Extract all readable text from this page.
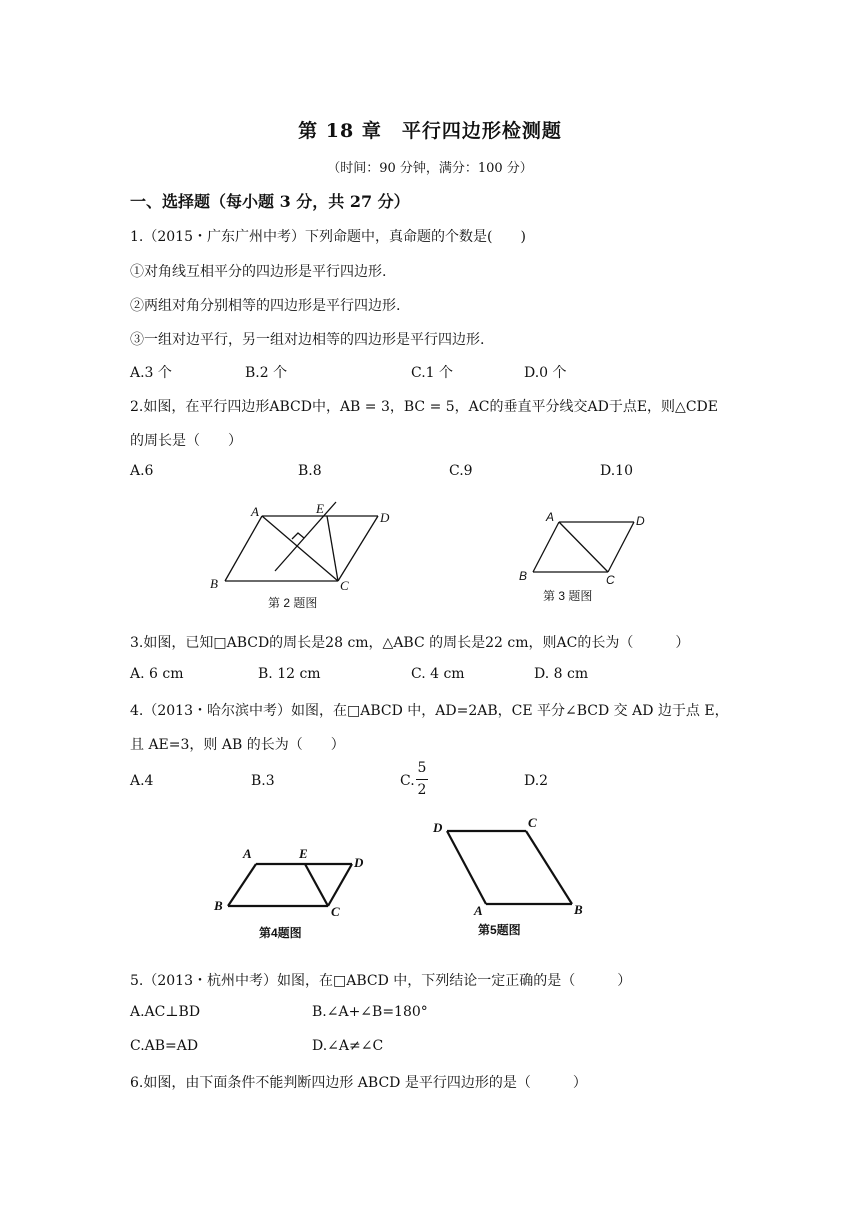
第 18 章　平行四边形检测题
（时间：90 分钟，满分：100 分）
一、选择题（每小题 3 分，共 27 分）
1.（2015・广东广州中考）下列命题中，真命题的个数是(　　)
①对角线互相平分的四边形是平行四边形.
②两组对角分别相等的四边形是平行四边形.
③一组对边平行，另一组对边相等的四边形是平行四边形.
A.3 个	B.2 个	C.1 个	D.0 个
2.如图，在平行四边形ABCD中，AB = 3，BC = 5，AC的垂直平分线交AD于点E，则△CDE
的周长是（　　）
A.6	B.8	C.9	D.10
A	E
D
B	C
第 2 题图
A	D
B	C
第 3 题图
3.如图，已知□ABCD的周长是28 cm，△ABC 的周长是22 cm，则AC的长为（　　　）
A. 6 cm	B. 12 cm	C. 4 cm	D. 8 cm
4.（2013・哈尔滨中考）如图，在□ABCD 中，AD=2AB，CE 平分∠BCD 交 AD 边于点 E，
且 AE=3，则 AB 的长为（　　）
A.4	B.3	C.
5
2
D.2
A	E
D
B	C
第4题图
D	C
A	B
第5题图
5.（2013・杭州中考）如图，在□ABCD 中，下列结论一定正确的是（　　　）
A.AC⊥BD	B.∠A+∠B=180°
C.AB=AD	D.∠A≠∠C
6.如图，由下面条件不能判断四边形 ABCD 是平行四边形的是（　　　）
